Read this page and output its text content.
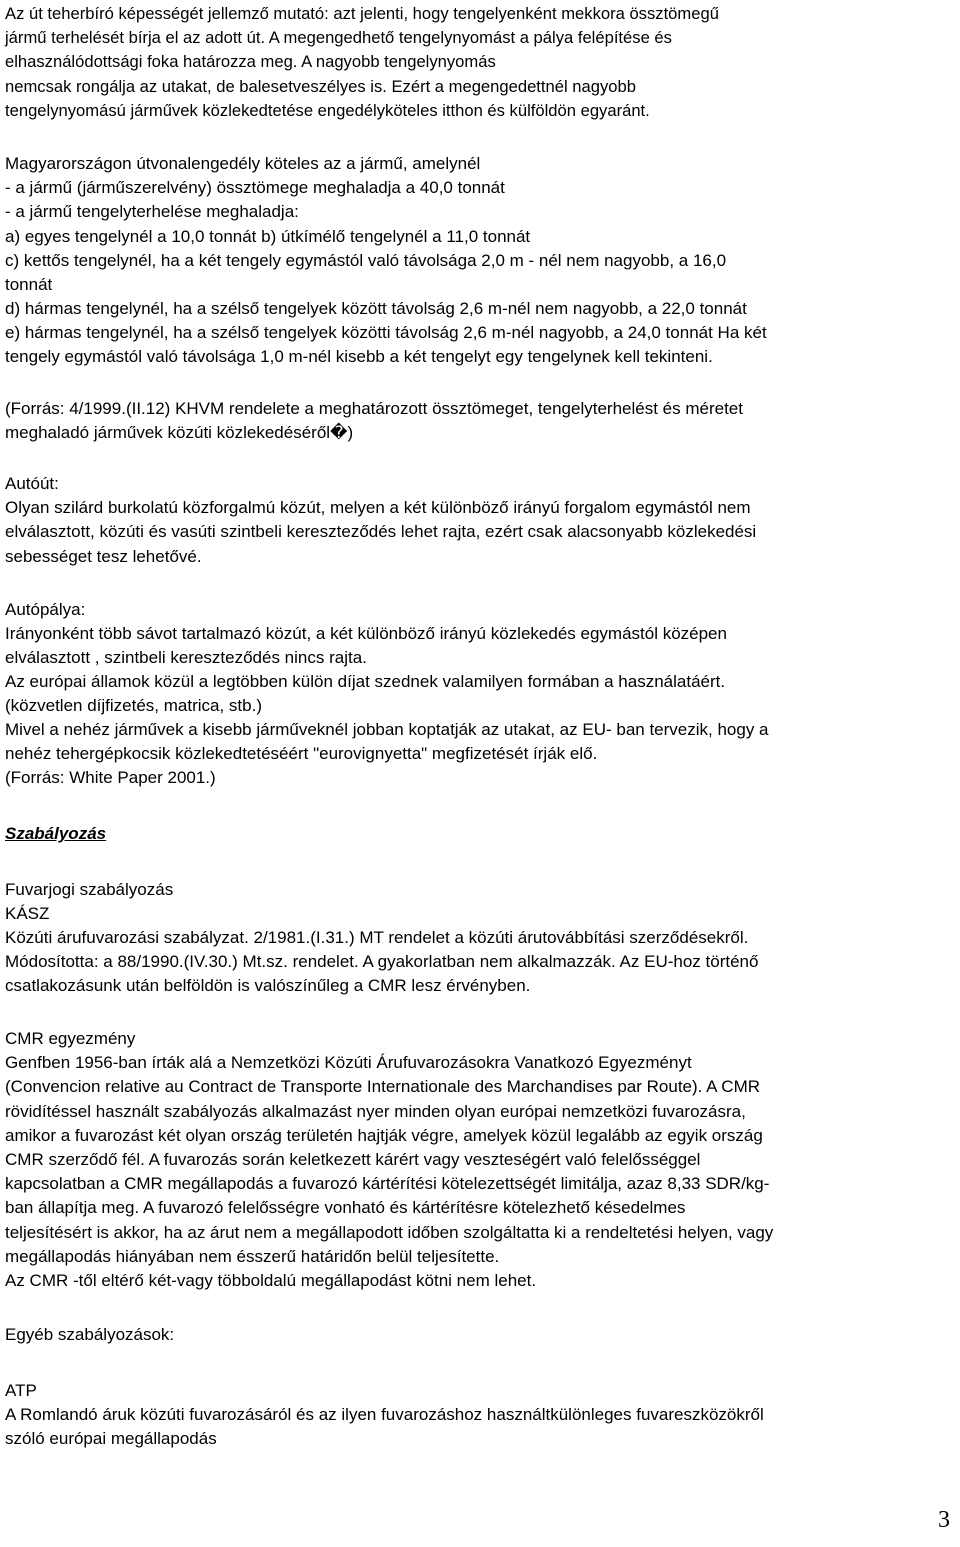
Az út teherbíró képességét jellemző mutató: azt jelenti, hogy tengelyenként mekkora össztömegű
jármű terhelését bírja el az adott út. A megengedhető tengelynyomást a pálya felépítése és
elhasználódottsági foka határozza meg. A nagyobb tengelynyomás
nemcsak rongálja az utakat, de balesetveszélyes is. Ezért a megengedettnél nagyobb
tengelynyomású járművek közlekedtetése engedélyköteles itthon és külföldön egyaránt.
Magyarországon útvonalengedély köteles az a jármű, amelynél
- a jármű (járműszerelvény) össztömege meghaladja a 40,0 tonnát
- a jármű tengelyterhelése meghaladja:
a) egyes tengelynél a 10,0 tonnát b) útkímélő tengelynél a 11,0 tonnát
c) kettős tengelynél, ha a két tengely egymástól való távolsága 2,0 m - nél nem nagyobb, a 16,0
tonnát
d) hármas tengelynél, ha a szélső tengelyek között távolság 2,6 m-nél nem nagyobb, a 22,0 tonnát
e) hármas tengelynél, ha a szélső tengelyek közötti távolság 2,6 m-nél nagyobb, a 24,0 tonnát Ha két
tengely egymástól való távolsága 1,0 m-nél kisebb a két tengelyt egy tengelynek kell tekinteni.
(Forrás: 4/1999.(II.12) KHVM rendelete a meghatározott össztömeget, tengelyterhelést és méretet
meghaladó járművek közúti közlekedéséről�)
Autóút:
Olyan szilárd burkolatú közforgalmú közút, melyen a két különböző irányú forgalom egymástól nem
elválasztott, közúti és vasúti szintbeli kereszteződés lehet rajta, ezért csak alacsonyabb közlekedési
sebességet tesz lehetővé.
Autópálya:
Irányonként több sávot tartalmazó közút, a két különböző irányú közlekedés egymástól középen
elválasztott , szintbeli kereszteződés nincs rajta.
Az európai államok közül a legtöbben külön díjat szednek valamilyen formában a használatáért.
(közvetlen díjfizetés, matrica, stb.)
Mivel a nehéz járművek a kisebb járműveknél jobban koptatják az utakat, az EU- ban tervezik, hogy a
nehéz tehergépkocsik közlekedtetéséért "eurovignyetta" megfizetését írják elő.
(Forrás: White Paper 2001.)
Szabályozás
Fuvarjogi szabályozás
KÁSZ
Közúti árufuvarozási szabályzat. 2/1981.(I.31.) MT rendelet a közúti árutovábbítási szerződésekről.
Módosította: a 88/1990.(IV.30.) Mt.sz. rendelet. A gyakorlatban nem alkalmazzák. Az EU-hoz történő
csatlakozásunk után belföldön is valószínűleg a CMR lesz érvényben.
CMR egyezmény
Genfben 1956-ban írták alá a Nemzetközi Közúti Árufuvarozásokra Vanatkozó Egyezményt
(Convencion relative au Contract de Transporte Internationale des Marchandises par Route). A CMR
rövidítéssel használt szabályozás alkalmazást nyer minden olyan európai nemzetközi fuvarozásra,
amikor a fuvarozást két olyan ország területén hajtják végre, amelyek közül legalább az egyik ország
CMR szerződő fél. A fuvarozás során keletkezett kárért vagy veszteségért való felelősséggel
kapcsolatban a CMR megállapodás a fuvarozó kártérítési kötelezettségét limitálja, azaz 8,33 SDR/kg-
ban állapítja meg. A fuvarozó felelősségre vonható és kártérítésre kötelezhető késedelmes
teljesítésért is akkor, ha az árut nem a megállapodott időben szolgáltatta ki a rendeltetési helyen, vagy
megállapodás hiányában nem ésszerű határidőn belül teljesítette.
Az CMR -től eltérő két-vagy többoldalú megállapodást kötni nem lehet.
Egyéb szabályozások:
ATP
A Romlandó áruk közúti fuvarozásáról és az ilyen fuvarozáshoz használtkülönleges fuvareszközökről
szóló európai megállapodás
3
